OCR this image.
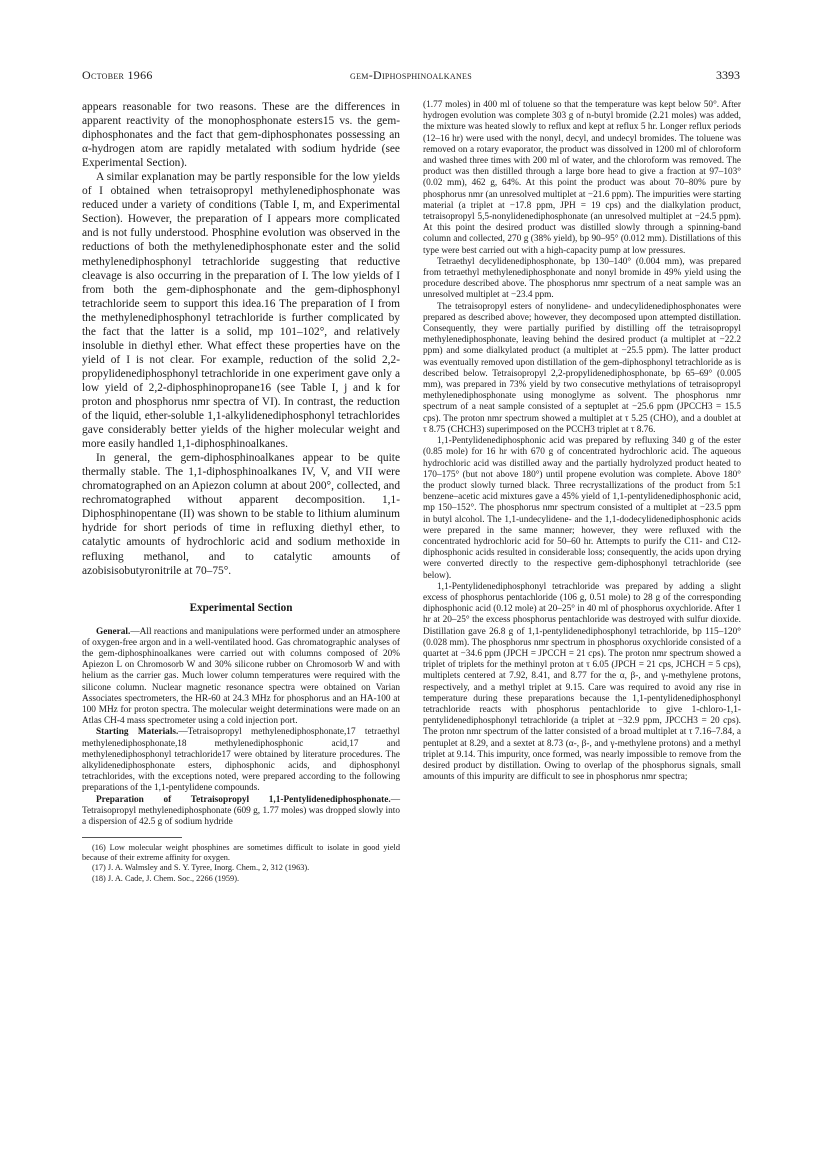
October 1966	gem-Diphosphinoalkanes	3393

appears reasonable for two reasons. These are the differences in apparent reactivity of the monophosphonate esters15 vs. the gem-diphosphonates and the fact that gem-diphosphonates possessing an α-hydrogen atom are rapidly metalated with sodium hydride (see Experimental Section).

A similar explanation may be partly responsible for the low yields of I obtained when tetraisopropyl methylenediphosphonate was reduced under a variety of conditions (Table I, m, and Experimental Section). However, the preparation of I appears more complicated and is not fully understood. Phosphine evolution was observed in the reductions of both the methylenediphosphonate ester and the solid methylenediphosphonyl tetrachloride suggesting that reductive cleavage is also occurring in the preparation of I. The low yields of I from both the gem-diphosphonate and the gem-diphosphonyl tetrachloride seem to support this idea.16 The preparation of I from the methylenediphosphonyl tetrachloride is further complicated by the fact that the latter is a solid, mp 101–102°, and relatively insoluble in diethyl ether. What effect these properties have on the yield of I is not clear. For example, reduction of the solid 2,2-propylidenediphosphonyl tetrachloride in one experiment gave only a low yield of 2,2-diphosphinopropane16 (see Table I, j and k for proton and phosphorus nmr spectra of VI). In contrast, the reduction of the liquid, ether-soluble 1,1-alkylidenediphosphonyl tetrachlorides gave considerably better yields of the higher molecular weight and more easily handled 1,1-diphosphinoalkanes.

In general, the gem-diphosphinoalkanes appear to be quite thermally stable. The 1,1-diphosphinoalkanes IV, V, and VII were chromatographed on an Apiezon column at about 200°, collected, and rechromatographed without apparent decomposition. 1,1-Diphosphinopentane (II) was shown to be stable to lithium aluminum hydride for short periods of time in refluxing diethyl ether, to catalytic amounts of hydrochloric acid and sodium methoxide in refluxing methanol, and to catalytic amounts of azobisisobutyronitrile at 70–75°.

Experimental Section

General.—All reactions and manipulations were performed under an atmosphere of oxygen-free argon and in a well-ventilated hood. Gas chromatographic analyses of the gem-diphosphinoalkanes were carried out with columns composed of 20% Apiezon L on Chromosorb W and 30% silicone rubber on Chromosorb W and with helium as the carrier gas. Much lower column temperatures were required with the silicone column. Nuclear magnetic resonance spectra were obtained on Varian Associates spectrometers, the HR-60 at 24.3 MHz for phosphorus and an HA-100 at 100 MHz for proton spectra. The molecular weight determinations were made on an Atlas CH-4 mass spectrometer using a cold injection port.

Starting Materials.—Tetraisopropyl methylenediphosphonate,17 tetraethyl methylenediphosphonate,18 methylenediphosphonic acid,17 and methylenediphosphonyl tetrachloride17 were obtained by literature procedures. The alkylidenediphosphonate esters, diphosphonic acids, and diphosphonyl tetrachlorides, with the exceptions noted, were prepared according to the following preparations of the 1,1-pentylidene compounds.

Preparation of Tetraisopropyl 1,1-Pentylidenediphosphonate.—Tetraisopropyl methylenediphosphonate (609 g, 1.77 moles) was dropped slowly into a dispersion of 42.5 g of sodium hydride

(16) Low molecular weight phosphines are sometimes difficult to isolate in good yield because of their extreme affinity for oxygen.
(17) J. A. Walmsley and S. Y. Tyree, Inorg. Chem., 2, 312 (1963).
(18) J. A. Cade, J. Chem. Soc., 2266 (1959).

(1.77 moles) in 400 ml of toluene so that the temperature was kept below 50°. After hydrogen evolution was complete 303 g of n-butyl bromide (2.21 moles) was added, the mixture was heated slowly to reflux and kept at reflux 5 hr. Longer reflux periods (12–16 hr) were used with the nonyl, decyl, and undecyl bromides. The toluene was removed on a rotary evaporator, the product was dissolved in 1200 ml of chloroform and washed three times with 200 ml of water, and the chloroform was removed. The product was then distilled through a large bore head to give a fraction at 97–103° (0.02 mm), 462 g, 64%. At this point the product was about 70–80% pure by phosphorus nmr (an unresolved multiplet at −21.6 ppm). The impurities were starting material (a triplet at −17.8 ppm, JPH = 19 cps) and the dialkylation product, tetraisopropyl 5,5-nonylidenediphosphonate (an unresolved multiplet at −24.5 ppm). At this point the desired product was distilled slowly through a spinning-band column and collected, 270 g (38% yield), bp 90–95° (0.012 mm). Distillations of this type were best carried out with a high-capacity pump at low pressures.

Tetraethyl decylidenediphosphonate, bp 130–140° (0.004 mm), was prepared from tetraethyl methylenediphosphonate and nonyl bromide in 49% yield using the procedure described above. The phosphorus nmr spectrum of a neat sample was an unresolved multiplet at −23.4 ppm.

The tetraisopropyl esters of nonylidene- and undecylidenediphosphonates were prepared as described above; however, they decomposed upon attempted distillation. Consequently, they were partially purified by distilling off the tetraisopropyl methylenediphosphonate, leaving behind the desired product (a multiplet at −22.2 ppm) and some dialkylated product (a multiplet at −25.5 ppm). The latter product was eventually removed upon distillation of the gem-diphosphonyl tetrachloride as is described below. Tetraisopropyl 2,2-propylidenediphosphonate, bp 65–69° (0.005 mm), was prepared in 73% yield by two consecutive methylations of tetraisopropyl methylenediphosphonate using monoglyme as solvent. The phosphorus nmr spectrum of a neat sample consisted of a septuplet at −25.6 ppm (JPCCH3 = 15.5 cps). The proton nmr spectrum showed a multiplet at τ 5.25 (CHO), and a doublet at τ 8.75 (CHCH3) superimposed on the PCCH3 triplet at τ 8.76.

1,1-Pentylidenediphosphonic acid was prepared by refluxing 340 g of the ester (0.85 mole) for 16 hr with 670 g of concentrated hydrochloric acid. The aqueous hydrochloric acid was distilled away and the partially hydrolyzed product heated to 170–175° (but not above 180°) until propene evolution was complete. Above 180° the product slowly turned black. Three recrystallizations of the product from 5:1 benzene–acetic acid mixtures gave a 45% yield of 1,1-pentylidenediphosphonic acid, mp 150–152°. The phosphorus nmr spectrum consisted of a multiplet at −23.5 ppm in butyl alcohol. The 1,1-undecylidene- and the 1,1-dodecylidenediphosphonic acids were prepared in the same manner; however, they were refluxed with the concentrated hydrochloric acid for 50–60 hr. Attempts to purify the C11- and C12-diphosphonic acids resulted in considerable loss; consequently, the acids upon drying were converted directly to the respective gem-diphosphonyl tetrachloride (see below).

1,1-Pentylidenediphosphonyl tetrachloride was prepared by adding a slight excess of phosphorus pentachloride (106 g, 0.51 mole) to 28 g of the corresponding diphosphonic acid (0.12 mole) at 20–25° in 40 ml of phosphorus oxychloride. After 1 hr at 20–25° the excess phosphorus pentachloride was destroyed with sulfur dioxide. Distillation gave 26.8 g of 1,1-pentylidenediphosphonyl tetrachloride, bp 115–120° (0.028 mm). The phosphorus nmr spectrum in phosphorus oxychloride consisted of a quartet at −34.6 ppm (JPCH = JPCCH = 21 cps). The proton nmr spectrum showed a triplet of triplets for the methinyl proton at τ 6.05 (JPCH = 21 cps, JCHCH = 5 cps), multiplets centered at 7.92, 8.41, and 8.77 for the α, β-, and γ-methylene protons, respectively, and a methyl triplet at 9.15. Care was required to avoid any rise in temperature during these preparations because the 1,1-pentylidenediphosphonyl tetrachloride reacts with phosphorus pentachloride to give 1-chloro-1,1-pentylidenediphosphonyl tetrachloride (a triplet at −32.9 ppm, JPCCH3 = 20 cps). The proton nmr spectrum of the latter consisted of a broad multiplet at τ 7.16–7.84, a pentuplet at 8.29, and a sextet at 8.73 (α-, β-, and γ-methylene protons) and a methyl triplet at 9.14. This impurity, once formed, was nearly impossible to remove from the desired product by distillation. Owing to overlap of the phosphorus signals, small amounts of this impurity are difficult to see in phosphorus nmr spectra;
